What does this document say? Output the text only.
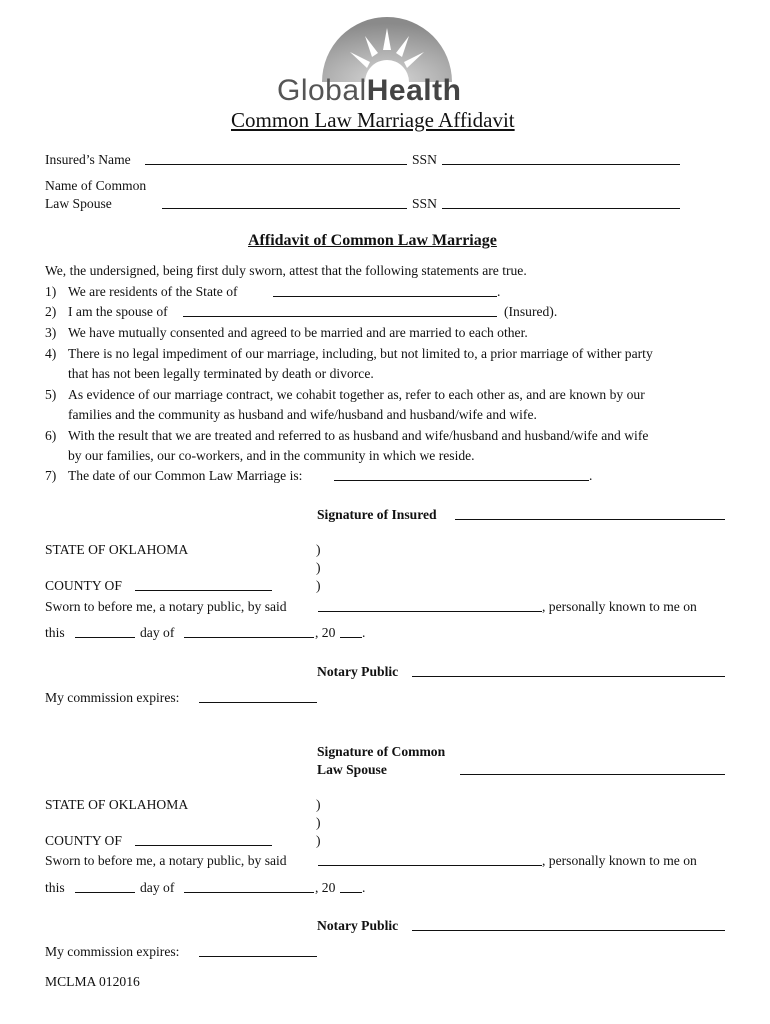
GlobalHealth
Common Law Marriage Affidavit
Insured’s Name	SSN
Name of Common
Law Spouse	SSN
Affidavit of Common Law Marriage
We, the undersigned, being first duly sworn, attest that the following statements are true.
1) We are residents of the State of	.
2) I am the spouse of	(Insured).
3) We have mutually consented and agreed to be married and are married to each other.
4) There is no legal impediment of our marriage, including, but not limited to, a prior marriage of wither party
that has not been legally terminated by death or divorce.
5) As evidence of our marriage contract, we cohabit together as, refer to each other as, and are known by our
families and the community as husband and wife/husband and husband/wife and wife.
6) With the result that we are treated and referred to as husband and wife/husband and husband/wife and wife
by our families, our co-workers, and in the community in which we reside.
7) The date of our Common Law Marriage is:	.
Signature of Insured
STATE OF OKLAHOMA	)
)
COUNTY OF	)
Sworn to before me, a notary public, by said	, personally known to me on
this	day of	, 20 .
Notary Public
My commission expires:
Signature of Common
Law Spouse
STATE OF OKLAHOMA	)
)
COUNTY OF	)
Sworn to before me, a notary public, by said	, personally known to me on
this	day of	, 20 .
Notary Public
My commission expires:
MCLMA 012016
